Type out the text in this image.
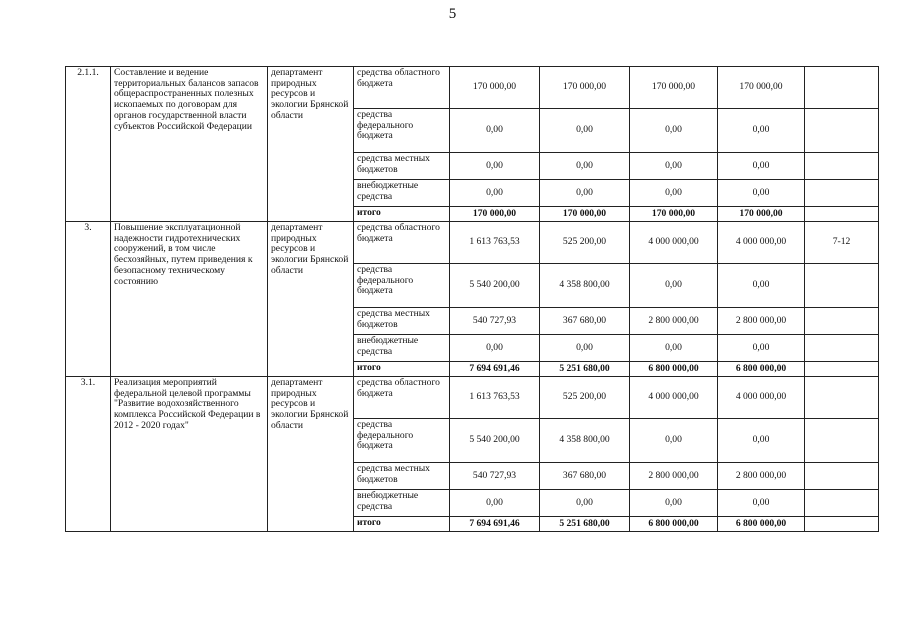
5
2.1.1.	Составление и ведение территориальных балансов запасов общераспространенных полезных ископаемых по договорам для органов государственной власти субъектов Российской Федерации	департамент природных ресурсов и экологии Брянской области	средства областного бюджета	170 000,00	170 000,00	170 000,00	170 000,00	
			средства федерального бюджета	0,00	0,00	0,00	0,00	
			средства местных бюджетов	0,00	0,00	0,00	0,00	
			внебюджетные средства	0,00	0,00	0,00	0,00	
			итого	170 000,00	170 000,00	170 000,00	170 000,00	
3.	Повышение эксплуатационной надежности гидротехнических сооружений, в том числе бесхозяйных, путем приведения к безопасному техническому состоянию	департамент природных ресурсов и экологии Брянской области	средства областного бюджета	1 613 763,53	525 200,00	4 000 000,00	4 000 000,00	7-12
			средства федерального бюджета	5 540 200,00	4 358 800,00	0,00	0,00	
			средства местных бюджетов	540 727,93	367 680,00	2 800 000,00	2 800 000,00	
			внебюджетные средства	0,00	0,00	0,00	0,00	
			итого	7 694 691,46	5 251 680,00	6 800 000,00	6 800 000,00	
3.1.	Реализация мероприятий федеральной целевой программы "Развитие водохозяйственного комплекса Российской Федерации в 2012 - 2020 годах"	департамент природных ресурсов и экологии Брянской области	средства областного бюджета	1 613 763,53	525 200,00	4 000 000,00	4 000 000,00	
			средства федерального бюджета	5 540 200,00	4 358 800,00	0,00	0,00	
			средства местных бюджетов	540 727,93	367 680,00	2 800 000,00	2 800 000,00	
			внебюджетные средства	0,00	0,00	0,00	0,00	
			итого	7 694 691,46	5 251 680,00	6 800 000,00	6 800 000,00	
